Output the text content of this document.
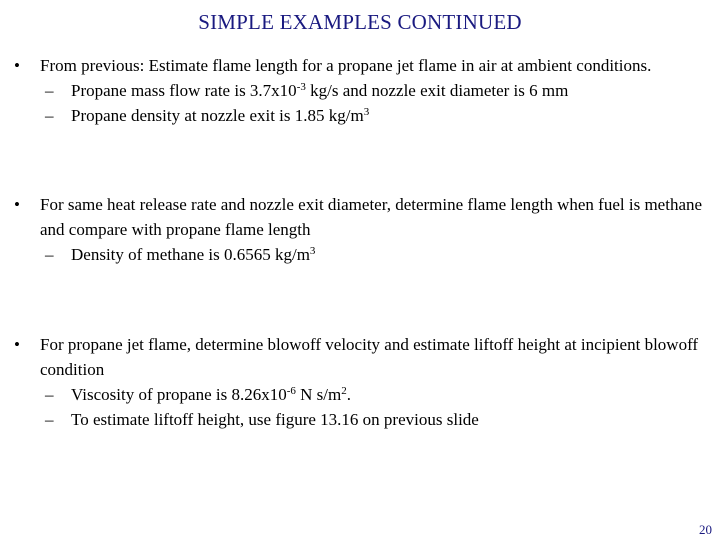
SIMPLE EXAMPLES CONTINUED
•	From previous: Estimate flame length for a propane jet flame in air at ambient conditions.
– Propane mass flow rate is $3.7x10^{-3}$ kg/s and nozzle exit diameter is 6 mm
– Propane density at nozzle exit is 1.85 $kg/m^3$
•	For same heat release rate and nozzle exit diameter, determine flame length when fuel is methane and compare with propane flame length
– Density of methane is 0.6565 $kg/m^3$
•	For propane jet flame, determine blowoff velocity and estimate liftoff height at incipient blowoff condition
– Viscosity of propane is $8.26x10^{-6}$ N $s/m^2$.
– To estimate liftoff height, use figure 13.16 on previous slide
20
